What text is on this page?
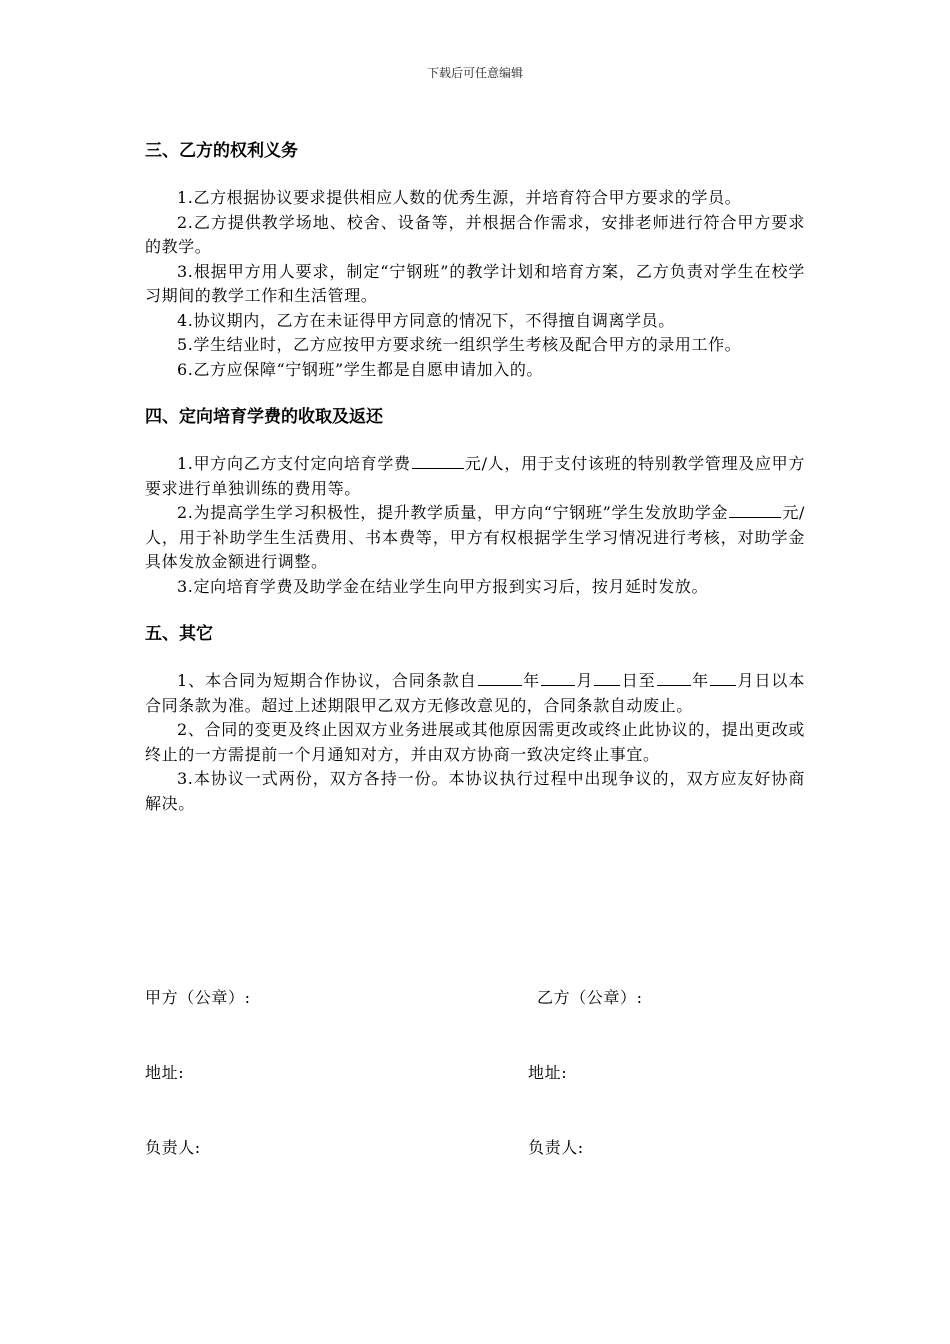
下载后可任意编辑
三、乙方的权利义务

1.乙方根据协议要求提供相应人数的优秀生源，并培育符合甲方要求的学员。

2.乙方提供教学场地、校舍、设备等，并根据合作需求，安排老师进行符合甲方要求的教学。

3.根据甲方用人要求，制定“宁钢班”的教学计划和培育方案，乙方负责对学生在校学习期间的教学工作和生活管理。

4.协议期内，乙方在未证得甲方同意的情况下，不得擅自调离学员。

5.学生结业时，乙方应按甲方要求统一组织学生考核及配合甲方的录用工作。

6.乙方应保障“宁钢班”学生都是自愿申请加入的。

四、定向培育学费的收取及返还

1.甲方向乙方支付定向培育学费	元/人，用于支付该班的特别教学管理及应甲方要求进行单独训练的费用等。

2.为提高学生学习积极性，提升教学质量，甲方向“宁钢班”学生发放助学金	元/人，用于补助学生生活费用、书本费等，甲方有权根据学生学习情况进行考核，对助学金具体发放金额进行调整。

3.定向培育学费及助学金在结业学生向甲方报到实习后，按月延时发放。

五、其它

1、本合同为短期合作协议，合同条款自	年 月 日至 年 月日以本合同条款为准。超过上述期限甲乙双方无修改意见的，合同条款自动废止。

2、合同的变更及终止因双方业务进展或其他原因需更改或终止此协议的，提出更改或终止的一方需提前一个月通知对方，并由双方协商一致决定终止事宜。

3.本协议一式两份，双方各持一份。本协议执行过程中出现争议的，双方应友好协商解决。

甲方（公章）:	乙方（公章）:
地址:	地址:
负责人:	负责人:
